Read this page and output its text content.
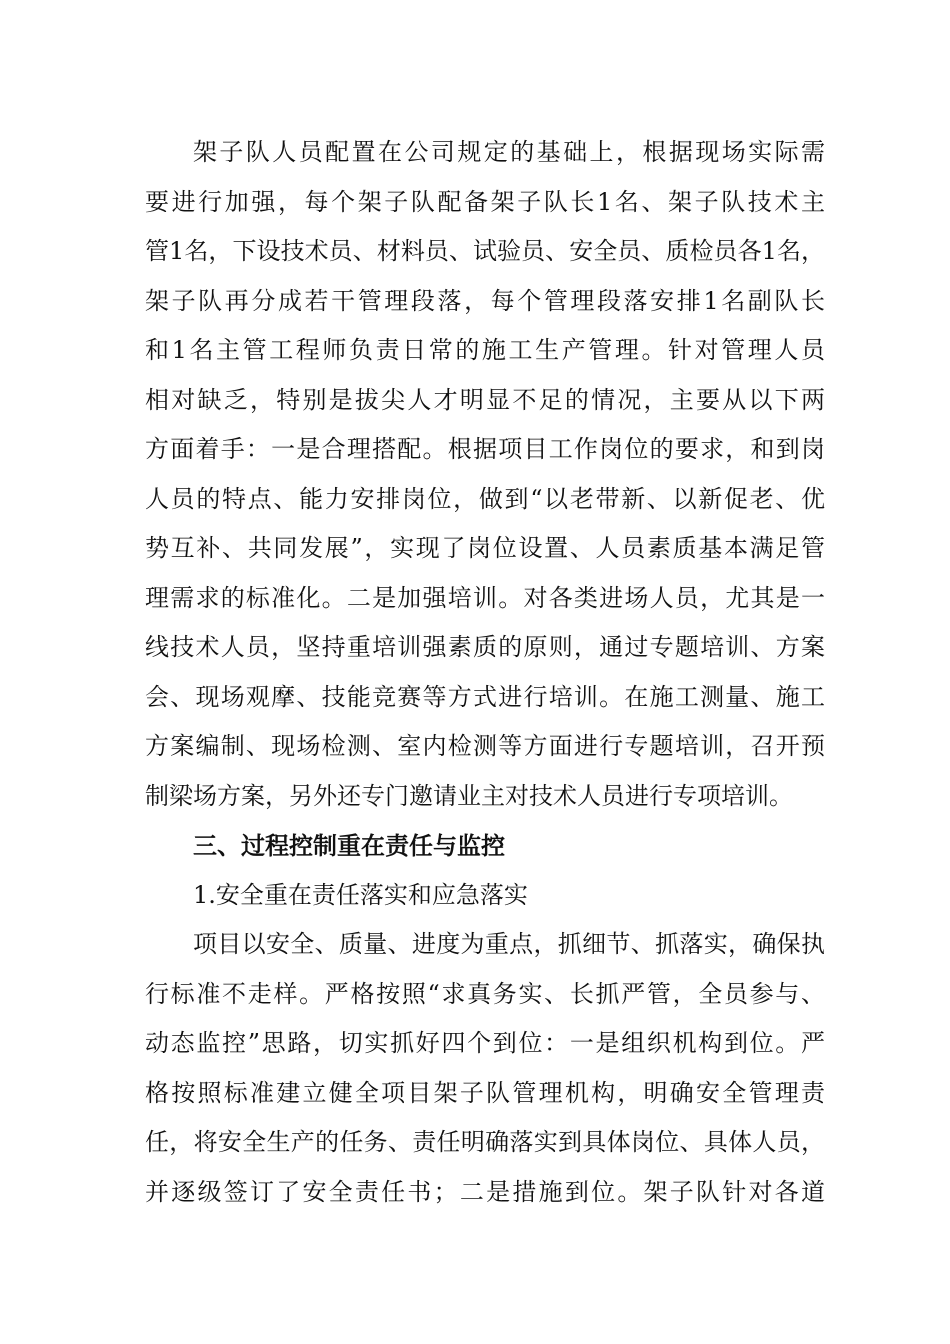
架子队人员配置在公司规定的基础上，根据现场实际需
要进行加强，每个架子队配备架子队长1名、架子队技术主
管1名，下设技术员、材料员、试验员、安全员、质检员各1名，
架子队再分成若干管理段落，每个管理段落安排1名副队长
和1名主管工程师负责日常的施工生产管理。针对管理人员
相对缺乏，特别是拔尖人才明显不足的情况，主要从以下两
方面着手：一是合理搭配。根据项目工作岗位的要求，和到岗
人员的特点、能力安排岗位，做到“以老带新、以新促老、优
势互补、共同发展”，实现了岗位设置、人员素质基本满足管
理需求的标准化。二是加强培训。对各类进场人员，尤其是一
线技术人员，坚持重培训强素质的原则，通过专题培训、方案
会、现场观摩、技能竞赛等方式进行培训。在施工测量、施工
方案编制、现场检测、室内检测等方面进行专题培训，召开预
制梁场方案，另外还专门邀请业主对技术人员进行专项培训。
三、过程控制重在责任与监控
1.安全重在责任落实和应急落实
项目以安全、质量、进度为重点，抓细节、抓落实，确保执
行标准不走样。严格按照“求真务实、长抓严管，全员参与、
动态监控”思路，切实抓好四个到位：一是组织机构到位。严
格按照标准建立健全项目架子队管理机构，明确安全管理责
任，将安全生产的任务、责任明确落实到具体岗位、具体人员，
并逐级签订了安全责任书；二是措施到位。架子队针对各道
